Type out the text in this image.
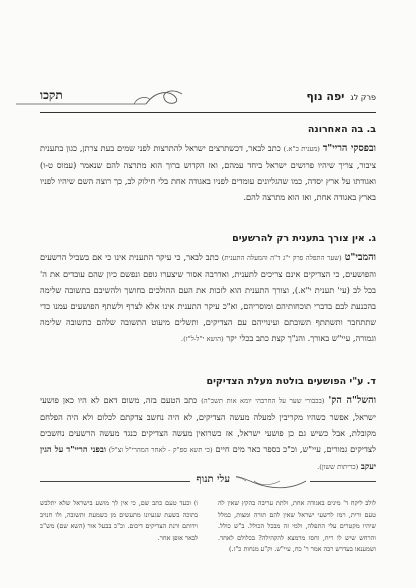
פרק לגיפה נוף
תקכו
ב. בה האחרונה
ובפסקי הריי"ד (מענית כ"א.) כתב לבאר, דכשתרצים ישראל להתרצות לפני שמים בעת צרתן, כגון בתענית ציבור, צריך שיהיו פרושים ישראל ביחד עמהם, ואז הקדוש ברוך הוא מתרצה להם שנאמר (עמוס ט-ו) ואגודתו על ארץ יסדה, כמו שהגליונים עומדים לפניו באגודה אחת בלי חילוק לב, כך רוצה השם שיהיו לפניו בארץ באגודה אחת, ואז הוא מתרצה להם.
ג. אין צורך בתענית רק להרשעים
והמבי"ט (שער התפלה פרק י"ג ד"ה והמעלה התענית) כתב לבאר, כי עיקר התענית אינו כי אם בשביל הרשעים והפושעים, כי הצדיקים אינם צריכים לתענית, ואדרבה אסור שיצערו גופם ונפשם כיון שהם עובדים את ה' בכל לב (עי' תענית י"א.), וצורך התענית הוא לזכות את העם ההולכים בחושך ולהשיבם בתשובה שלימה בהכנעת לבם בדברי תוכחותיהם ומוסריהם, וא"כ עיקר התענית אינו אלא לצרף ולשתף הפושעים עמנו כדי שתתחבר ותשתתף תשובתם ועינוייהם עם הצדיקים, ותשלים מיעוט התשובה שלהם כתשובה שלימה וגמורה, עיי"ש באורך. והנ"ך קצת כתב בכלי יקר (הושא י"ל-ל"ז).
ד. ע"י הפושעים בולטת מעלת הצדיקים
והשל"ה הק' (בכבורי שער על החרבהי יומא אות תשכ"ה) כתב הטעם בזה, משום דאם לא היו כאן פושעי ישראל, אפשר כשהיו מקריבין למעלה מעשה הצדיקים, לא היה נחשב צדקתם לכלום ולא היה הפלחם מקובלת, אבל כשיש גם כן פושעי ישראל, אז כשרואין מעשה הצדיקים כנגד מעשה הרשעים נחשבים לצדיקים גמורים, עיי"ש, וכ"כ בספר כאר מים חיים (כי תשא ספ"ק - לאחר המהרי"ל וצ"ל) ובפני הריי"ד על הגין יעקב (כריתות ששון).
עלי תנוף
לולב ליקח ד' מינים באגודה אחת, ולתת עריבה בהקץ שאין לה טעם ורית, רמז לרשעי ישראל שאין להם תורה ומצות, כמלל שיהיו מקטרים עלי התפלה, ולמי זה מבכל הכולל. ב"ש כולל. והרחש שיש לו ריח, וחסו מרמצא להקהילה? בכלולם לאחד. ושמענאו בעדרש רבה אמר ר' כח, עיי"ש. וק"ע מנחות כ"ז.)
ו) וכעד טעם כתב שם, כי אין לך מושע בישראל שלא יתלבש בתוכה בשעת שגעיונו מתעשים מן כשמעת ותשובה, ולו חנויב וידותם ורנת הצדיקים דיכום. וכ"כ בבעל אור (השא שם) מש"כ לבאר אופן אחר.
